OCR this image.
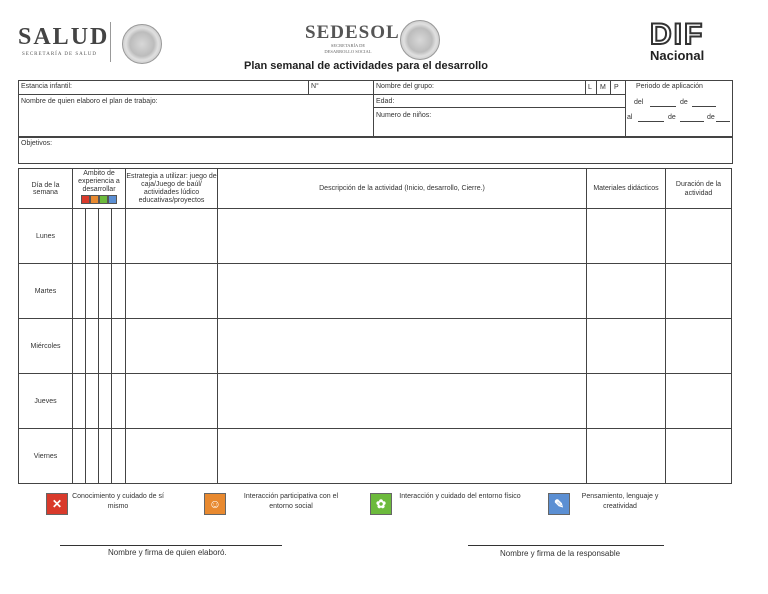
SALUD
SECRETARÍA DE SALUD
SEDESOL
SECRETARÍA DE DESARROLLO SOCIAL
DIF
Nacional
Plan semanal de actividades para el desarrollo
Estancia infantil:	N°	Nombre del grupo:	L M P Periodo de aplicación
del	de
al	de	de
Nombre de quien elaboro el plan de trabajo:	Edad:
Numero de niños:
Objetivos:
Día de la semana	Ambito de experiencia a desarrollar				Estrategia a utilizar: juego de caja/Juego de baúl/ actividades lúdico educativas/proyectos	Descripción de la actividad (Inicio, desarrollo, Cierre.)	Materiales didácticos	Duración de la actividad
Lunes								
Martes								
Miércoles								
Jueves								
Viernes								
✕
Conocimiento y cuidado de sí mismo	☺
Interacción participativa con el entorno social	✿
Interacción y cuidado del entorno físico
✎
Pensamiento, lenguaje y creatividad
Nombre y firma de quien elaboró.	Nombre y firma de la responsable
